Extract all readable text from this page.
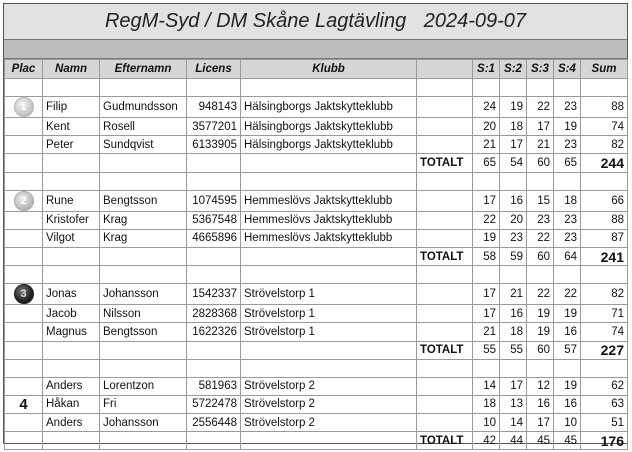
RegM-Syd / DM Skåne Lagtävling 2024-09-07
Plac	Namn	Efternamn	Licens	Klubb		S:1	S:2	S:3	S:4	Sum

1	Filip	Gudmundsson	948143	Hälsingborgs Jaktskytteklubb		24	19	22	23	88
	Kent	Rosell	3577201	Hälsingborgs Jaktskytteklubb		20	18	17	19	74
	Peter	Sundqvist	6133905	Hälsingborgs Jaktskytteklubb		21	17	21	23	82
					TOTALT	65	54	60	65	244

2	Rune	Bengtsson	1074595	Hemmeslövs Jaktskytteklubb		17	16	15	18	66
	Kristofer	Krag	5367548	Hemmeslövs Jaktskytteklubb		22	20	23	23	88
	Vilgot	Krag	4665896	Hemmeslövs Jaktskytteklubb		19	23	22	23	87
					TOTALT	58	59	60	64	241

3	Jonas	Johansson	1542337	Strövelstorp 1		17	21	22	22	82
	Jacob	Nilsson	2828368	Strövelstorp 1		17	16	19	19	71
	Magnus	Bengtsson	1622326	Strövelstorp 1		21	18	19	16	74
					TOTALT	55	55	60	57	227

	Anders	Lorentzon	581963	Strövelstorp 2		14	17	12	19	62
4	Håkan	Fri	5722478	Strövelstorp 2		18	13	16	16	63
	Anders	Johansson	2556448	Strövelstorp 2		10	14	17	10	51
					TOTALT	42	44	45	45	176
